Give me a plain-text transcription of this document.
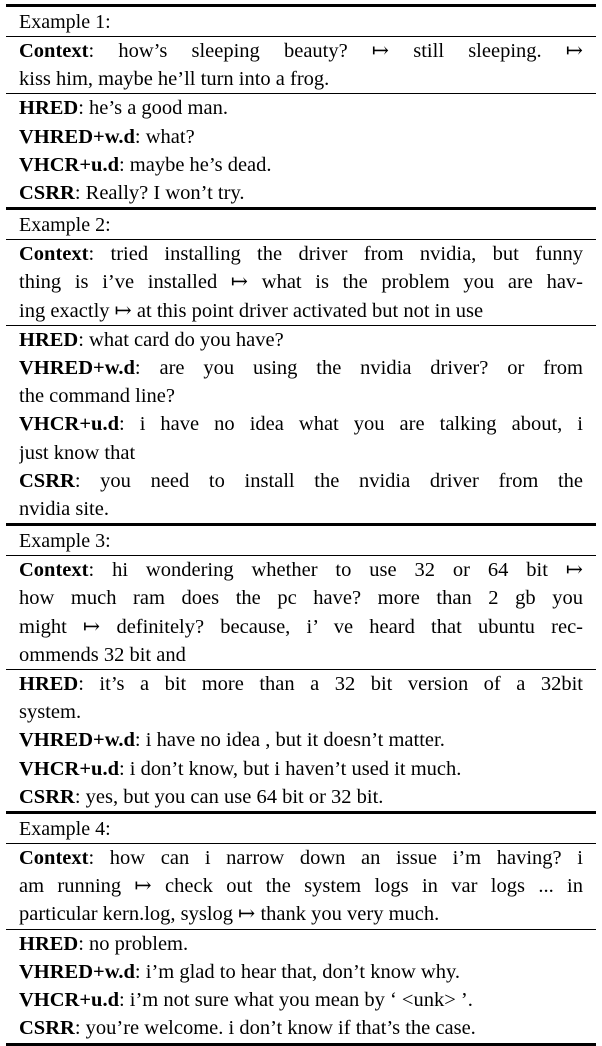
Example 1:
Context: how’s sleeping beauty? ↦ still sleeping. ↦
kiss him, maybe he’ll turn into a frog.
HRED: he’s a good man.
VHRED+w.d: what?
VHCR+u.d: maybe he’s dead.
CSRR: Really? I won’t try.
Example 2:
Context: tried installing the driver from nvidia, but funny
thing is i’ve installed ↦ what is the problem you are hav-
ing exactly ↦ at this point driver activated but not in use
HRED: what card do you have?
VHRED+w.d: are you using the nvidia driver? or from
the command line?
VHCR+u.d: i have no idea what you are talking about, i
just know that
CSRR: you need to install the nvidia driver from the
nvidia site.
Example 3:
Context: hi wondering whether to use 32 or 64 bit ↦
how much ram does the pc have? more than 2 gb you
might ↦ definitely? because, i’ ve heard that ubuntu rec-
ommends 32 bit and
HRED: it’s a bit more than a 32 bit version of a 32bit
system.
VHRED+w.d: i have no idea , but it doesn’t matter.
VHCR+u.d: i don’t know, but i haven’t used it much.
CSRR: yes, but you can use 64 bit or 32 bit.
Example 4:
Context: how can i narrow down an issue i’m having? i
am running ↦ check out the system logs in var logs ... in
particular kern.log, syslog ↦ thank you very much.
HRED: no problem.
VHRED+w.d: i’m glad to hear that, don’t know why.
VHCR+u.d: i’m not sure what you mean by ‘ <unk> ’.
CSRR: you’re welcome. i don’t know if that’s the case.
